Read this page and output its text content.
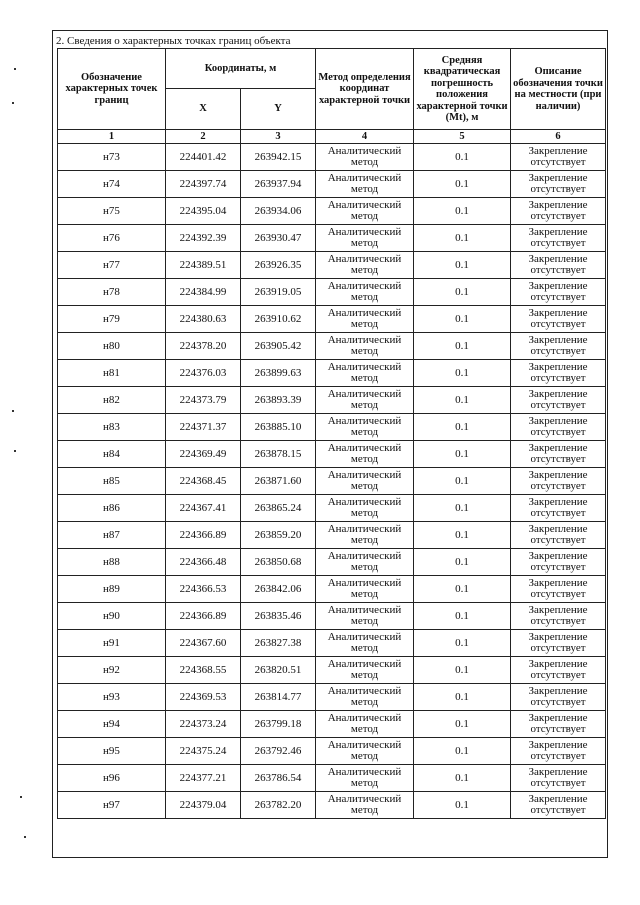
2. Сведения о характерных точках границ объекта
Обозначение характерных точек границ	Координаты, м		Метод определения координат характерной точки	Средняя квадратическая погрешность положения характерной точки (Mt), м	Описание обозначения точки на местности (при наличии)
	X	Y			
1	2	3	4	5	6
н73	224401.42	263942.15	Аналитический метод	0.1	Закрепление отсутствует
н74	224397.74	263937.94	Аналитический метод	0.1	Закрепление отсутствует
н75	224395.04	263934.06	Аналитический метод	0.1	Закрепление отсутствует
н76	224392.39	263930.47	Аналитический метод	0.1	Закрепление отсутствует
н77	224389.51	263926.35	Аналитический метод	0.1	Закрепление отсутствует
н78	224384.99	263919.05	Аналитический метод	0.1	Закрепление отсутствует
н79	224380.63	263910.62	Аналитический метод	0.1	Закрепление отсутствует
н80	224378.20	263905.42	Аналитический метод	0.1	Закрепление отсутствует
н81	224376.03	263899.63	Аналитический метод	0.1	Закрепление отсутствует
н82	224373.79	263893.39	Аналитический метод	0.1	Закрепление отсутствует
н83	224371.37	263885.10	Аналитический метод	0.1	Закрепление отсутствует
н84	224369.49	263878.15	Аналитический метод	0.1	Закрепление отсутствует
н85	224368.45	263871.60	Аналитический метод	0.1	Закрепление отсутствует
н86	224367.41	263865.24	Аналитический метод	0.1	Закрепление отсутствует
н87	224366.89	263859.20	Аналитический метод	0.1	Закрепление отсутствует
н88	224366.48	263850.68	Аналитический метод	0.1	Закрепление отсутствует
н89	224366.53	263842.06	Аналитический метод	0.1	Закрепление отсутствует
н90	224366.89	263835.46	Аналитический метод	0.1	Закрепление отсутствует
н91	224367.60	263827.38	Аналитический метод	0.1	Закрепление отсутствует
н92	224368.55	263820.51	Аналитический метод	0.1	Закрепление отсутствует
н93	224369.53	263814.77	Аналитический метод	0.1	Закрепление отсутствует
н94	224373.24	263799.18	Аналитический метод	0.1	Закрепление отсутствует
н95	224375.24	263792.46	Аналитический метод	0.1	Закрепление отсутствует
н96	224377.21	263786.54	Аналитический метод	0.1	Закрепление отсутствует
н97	224379.04	263782.20	Аналитический метод	0.1	Закрепление отсутствует
